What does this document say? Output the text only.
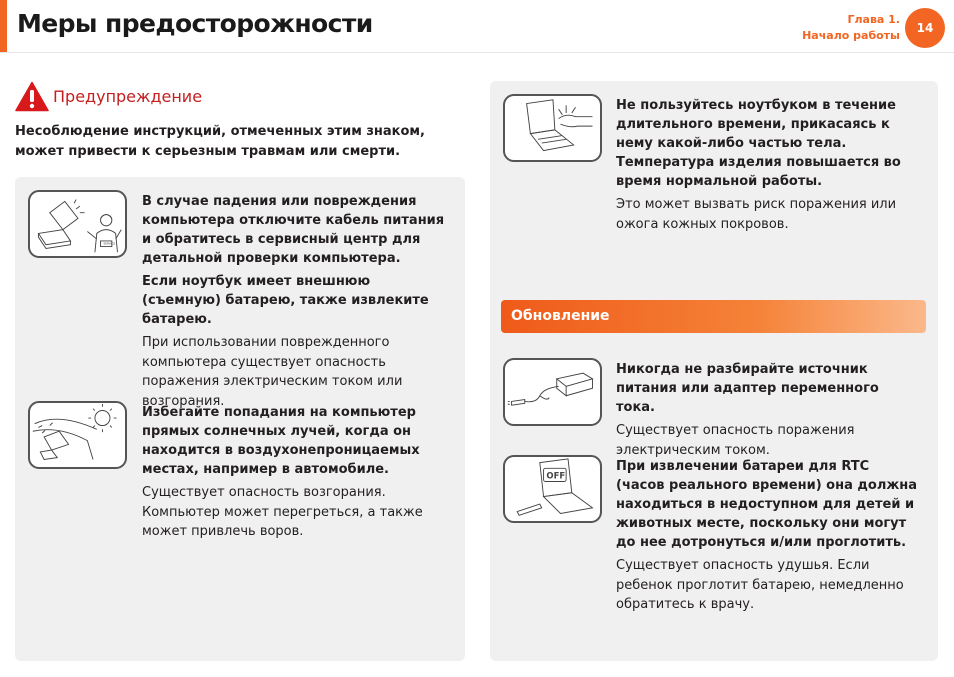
Меры предосторожности	Глава 1.
Начало работы
14
Предупреждение
Несоблюдение инструкций, отмеченных этим знаком, может привести к серьезным травмам или смерти.
SERVICE
В случае падения или повреждения компьютера отключите кабель питания и обратитесь в сервисный центр для детальной проверки компьютера.
Если ноутбук имеет внешнюю (съемную) батарею, также извлеките батарею.
При использовании поврежденного компьютера существует опасность поражения электрическим током или возгорания.
Избегайте попадания на компьютер прямых солнечных лучей, когда он находится в воздухонепроницаемых местах, например в автомобиле.
Существует опасность возгорания. Компьютер может перегреться, а также может привлечь воров.
Не пользуйтесь ноутбуком в течение длительного времени, прикасаясь к нему какой-либо частью тела. Температура изделия повышается во время нормальной работы.
Это может вызвать риск поражения или ожога кожных покровов.
Обновление
Никогда не разбирайте источник питания или адаптер переменного тока.
Существует опасность поражения электрическим током.
OFF
При извлечении батареи для RTC (часов реального времени) она должна находиться в недоступном для детей и животных месте, поскольку они могут до нее дотронуться и/или проглотить.
Существует опасность удушья. Если ребенок проглотит батарею, немедленно обратитесь к врачу.
